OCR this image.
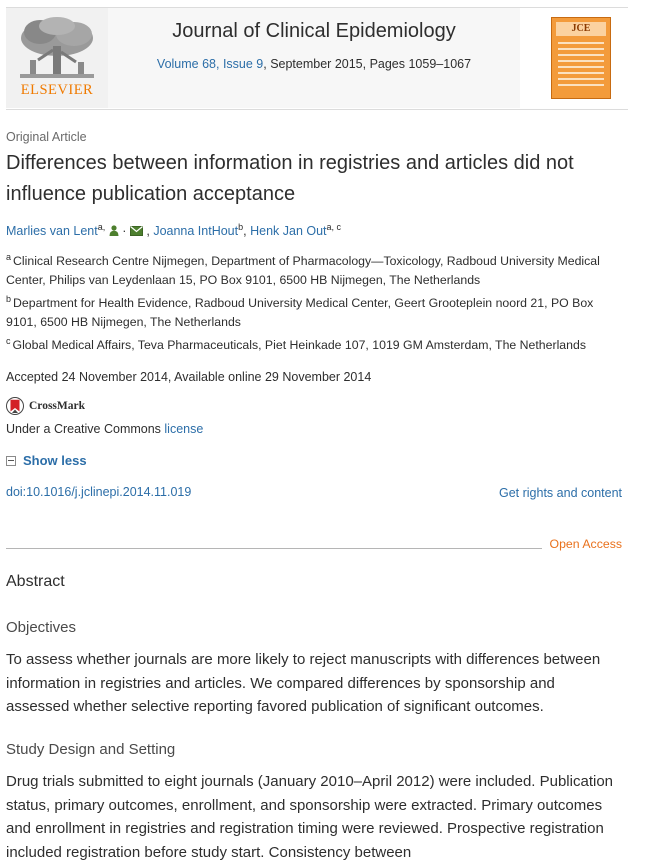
ELSEVIER
Journal of Clinical Epidemiology
Volume 68, Issue 9, September 2015, Pages 1059–1067
JCE
Original Article
Differences between information in registries and articles did not influence publication acceptance
Marlies van Lent$^{a,}$ · , Joanna IntHout$^b$, Henk Jan Out$^{a, c}$

$^a$ Clinical Research Centre Nijmegen, Department of Pharmacology—Toxicology, Radboud University Medical Center, Philips van Leydenlaan 15, PO Box 9101, 6500 HB Nijmegen, The Netherlands

$^b$ Department for Health Evidence, Radboud University Medical Center, Geert Grooteplein noord 21, PO Box 9101, 6500 HB Nijmegen, The Netherlands

$^c$ Global Medical Affairs, Teva Pharmaceuticals, Piet Heinkade 107, 1019 GM Amsterdam, The Netherlands

Accepted 24 November 2014, Available online 29 November 2014
CrossMark
Under a Creative Commons license
Show less
doi:10.1016/j.jclinepi.2014.11.019	Get rights and content
Open Access
Abstract
Objectives

To assess whether journals are more likely to reject manuscripts with differences between information in registries and articles. We compared differences by sponsorship and assessed whether selective reporting favored publication of significant outcomes.

Study Design and Setting

Drug trials submitted to eight journals (January 2010–April 2012) were included. Publication status, primary outcomes, enrollment, and sponsorship were extracted. Primary outcomes and enrollment in registries and registration timing were reviewed. Prospective registration included registration before study start. Consistency between
